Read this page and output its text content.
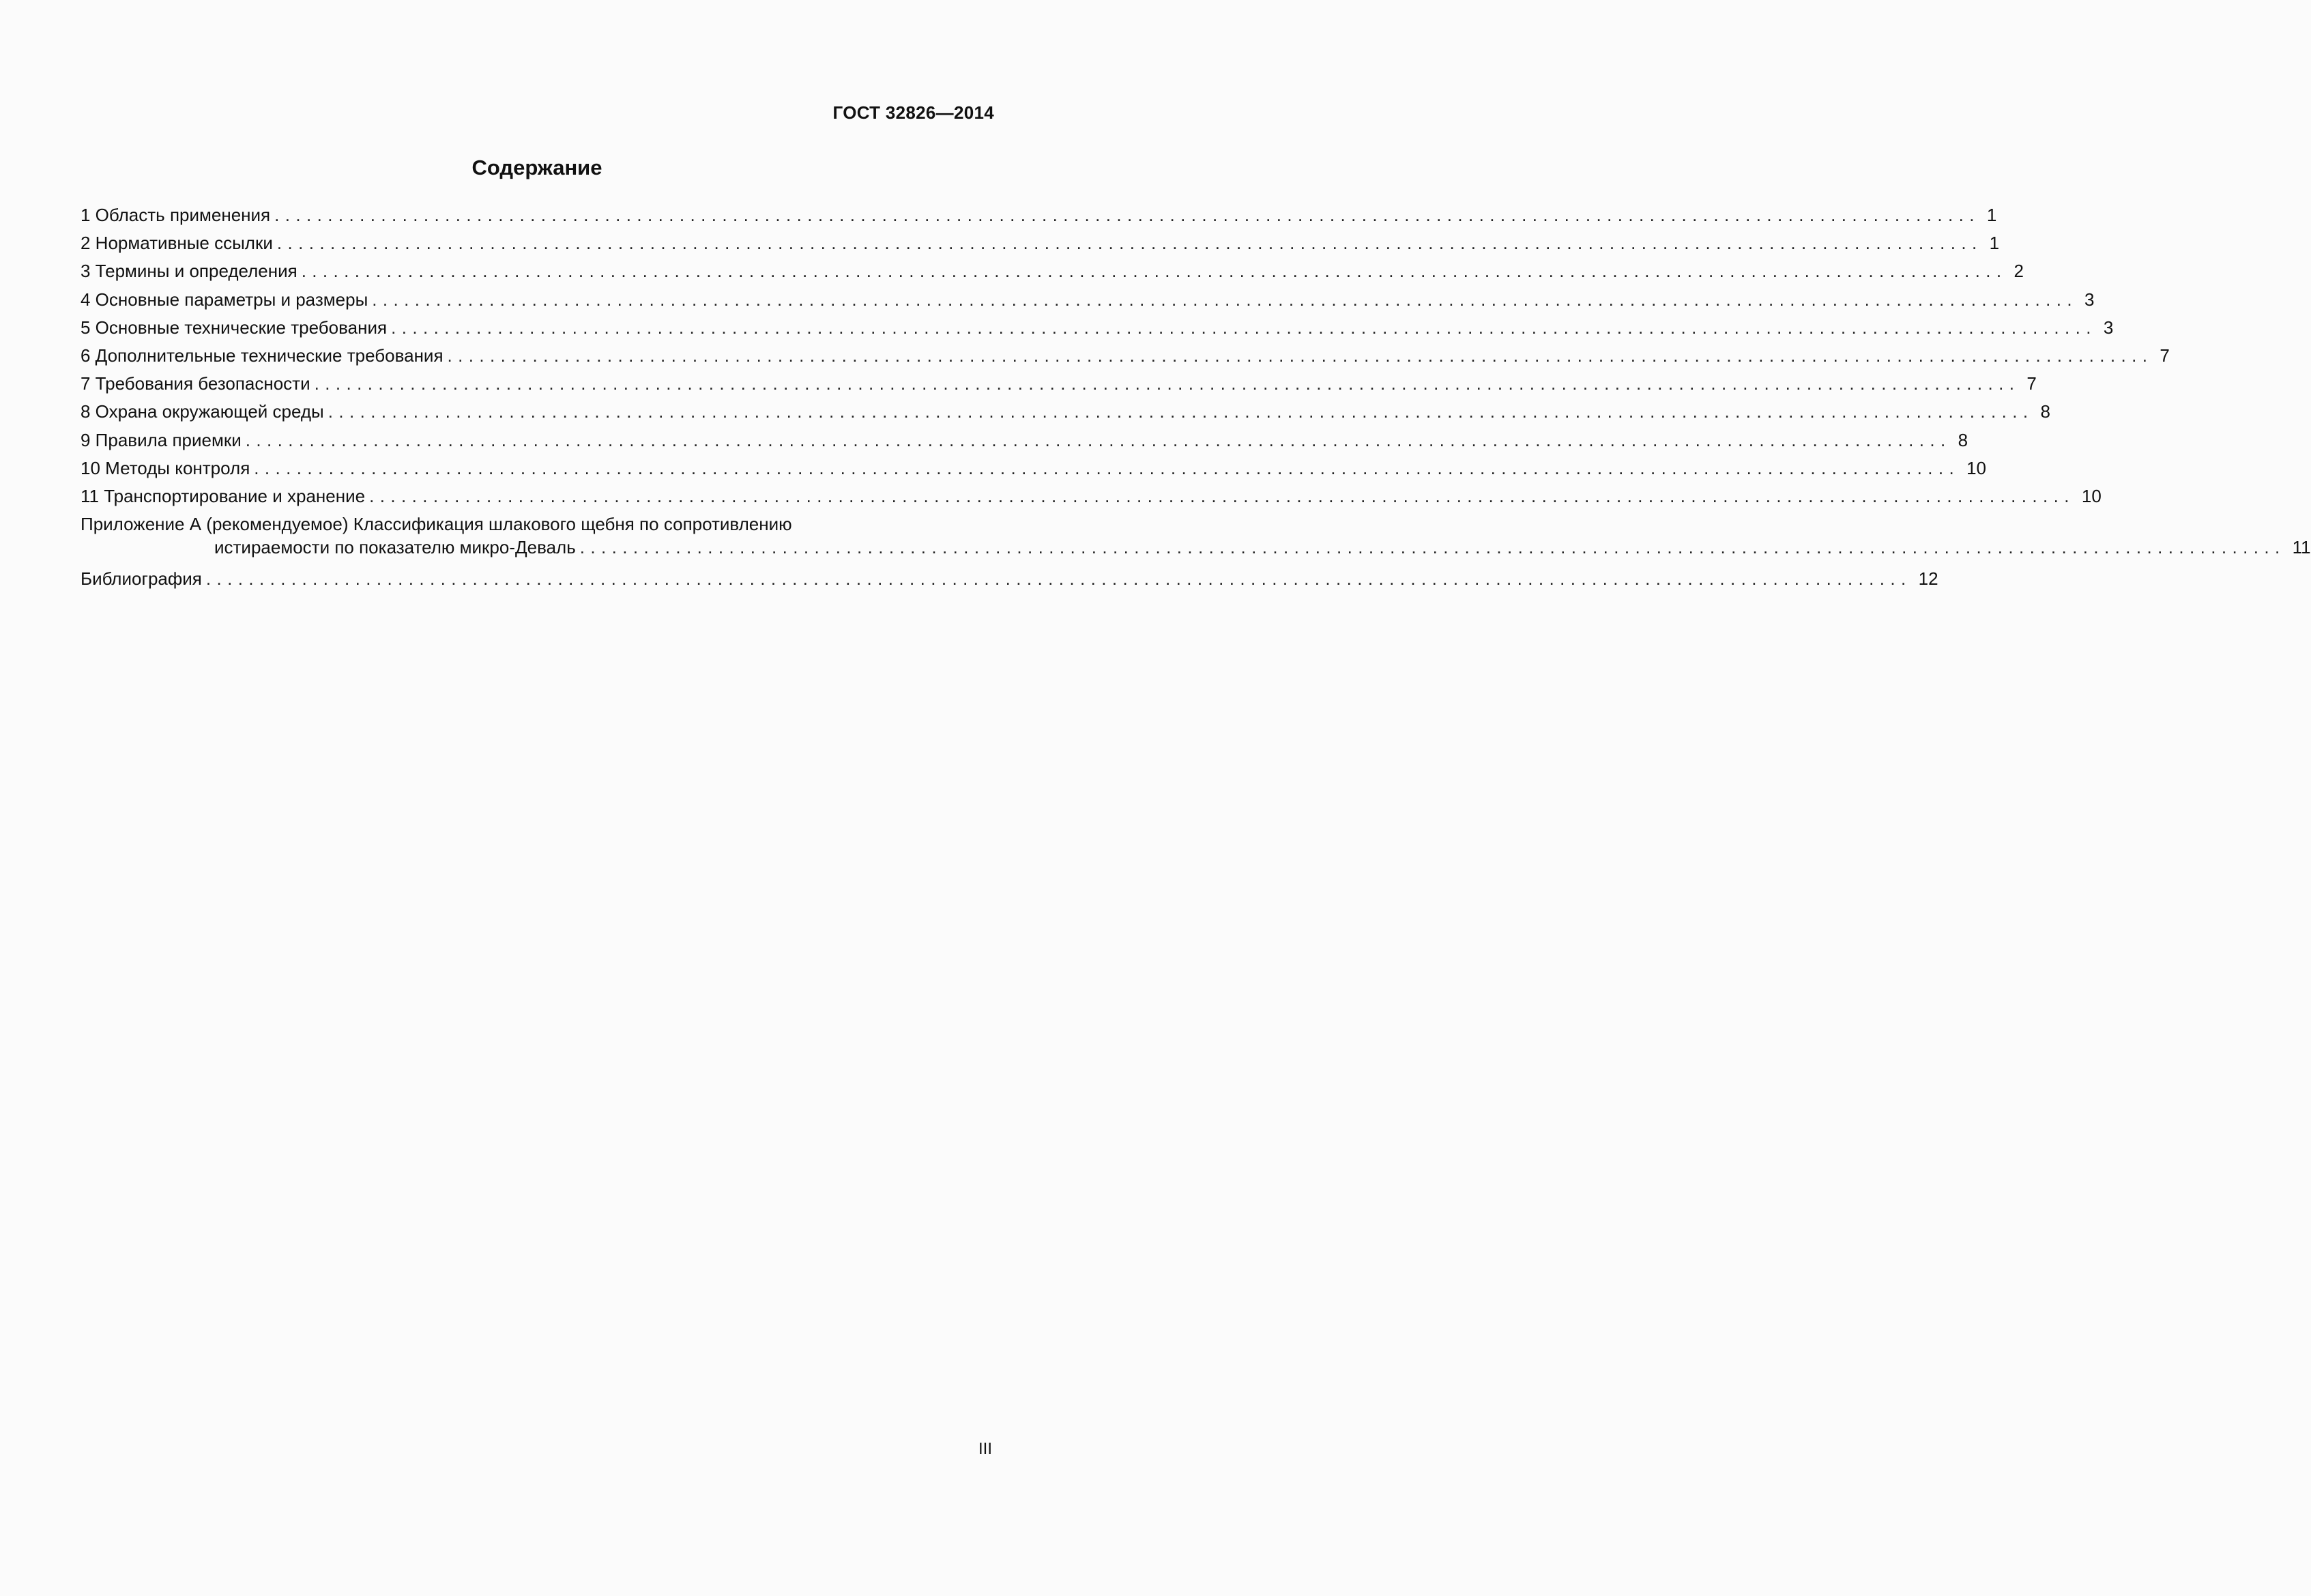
ГОСТ 32826—2014
Содержание
1 Область применения ................................................................................................................................................................ 1
2 Нормативные ссылки ................................................................................................................................................................ 1
3 Термины и определения ................................................................................................................................................................ 2
4 Основные параметры и размеры ................................................................................................................................................................ 3
5 Основные технические требования ................................................................................................................................................................ 3
6 Дополнительные технические требования ................................................................................................................................................................ 7
7 Требования безопасности ................................................................................................................................................................ 7
8 Охрана окружающей среды ................................................................................................................................................................ 8
9 Правила приемки ................................................................................................................................................................ 8
10 Методы контроля ................................................................................................................................................................ 10
11 Транспортирование и хранение ................................................................................................................................................................ 10
Приложение А (рекомендуемое) Классификация шлакового щебня по сопротивлению
истираемости по показателю микро-Деваль ................................................................................................................................................................ 11
Библиография ................................................................................................................................................................ 12
III
